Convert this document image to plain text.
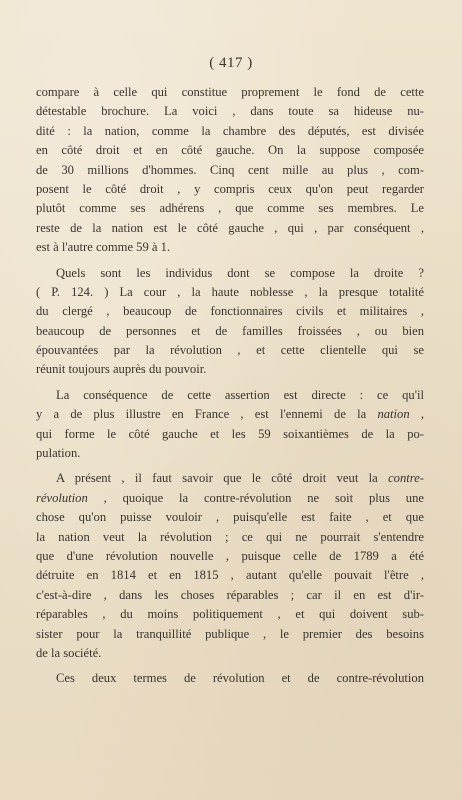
( 417 )
compare à celle qui constitue proprement le fond de cette
détestable brochure. La voici , dans toute sa hideuse nu-
dité : la nation, comme la chambre des députés, est divisée
en côté droit et en côté gauche. On la suppose composée
de 30 millions d'hommes. Cinq cent mille au plus , com-
posent le côté droit , y compris ceux qu'on peut regarder
plutôt comme ses adhérens , que comme ses membres. Le
reste de la nation est le côté gauche , qui , par conséquent ,
est à l'autre comme 59 à 1.
Quels sont les individus dont se compose la droite ?
( P. 124. ) La cour , la haute noblesse , la presque totalité
du clergé , beaucoup de fonctionnaires civils et militaires ,
beaucoup de personnes et de familles froissées , ou bien
épouvantées par la révolution , et cette clientelle qui se
réunit toujours auprès du pouvoir.
La conséquence de cette assertion est directe : ce qu'il
y a de plus illustre en France , est l'ennemi de la nation ,
qui forme le côté gauche et les 59 soixantièmes de la po-
pulation.
A présent , il faut savoir que le côté droit veut la contre-
révolution , quoique la contre-révolution ne soit plus une
chose qu'on puisse vouloir , puisqu'elle est faite , et que
la nation veut la révolution ; ce qui ne pourrait s'entendre
que d'une révolution nouvelle , puisque celle de 1789 a été
détruite en 1814 et en 1815 , autant qu'elle pouvait l'être ,
c'est-à-dire , dans les choses réparables ; car il en est d'ir-
réparables , du moins politiquement , et qui doivent sub-
sister pour la tranquillité publique , le premier des besoins
de la société.
Ces deux termes de révolution et de contre-révolution
